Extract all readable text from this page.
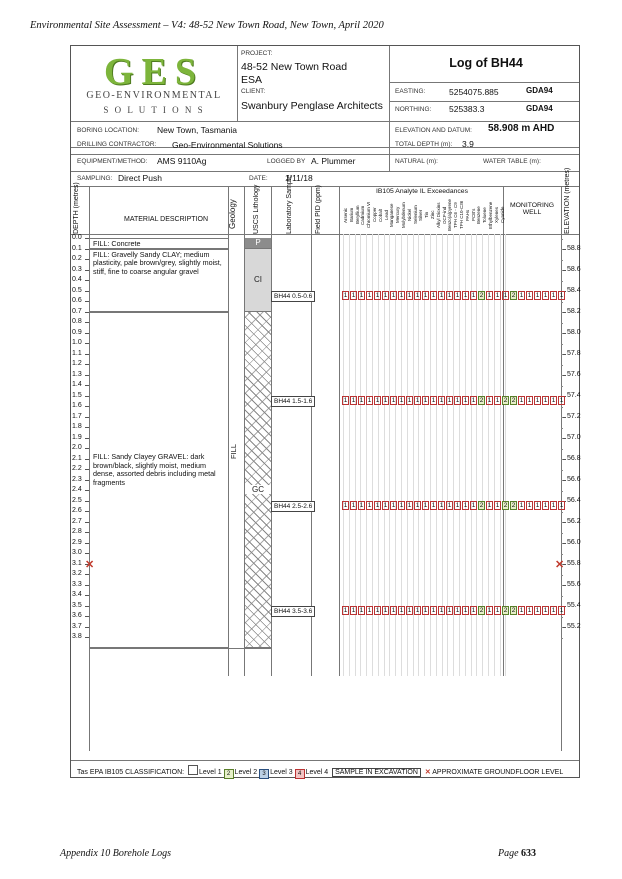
Environmental Site Assessment – V4: 48-52 New Town Road, New Town, April 2020
GES
GEO-ENVIRONMENTAL
S O L U T I O N S
PROJECT:
48-52 New Town Road
ESA
CLIENT:
Swanbury Penglase Architects
Log of BH44
EASTING:	5254075.885	GDA94
NORTHING: 525383.3	GDA94
BORING LOCATION: New Town, Tasmania	ELEVATION AND DATUM: 58.908 m AHD
DRILLING CONTRACTOR: Geo-Environmental Solutions	TOTAL DEPTH (m): 3.9
EQUIPMENT/METHOD: AMS 9110Ag	LOGGED BY A. Plummer	NATURAL (m):	WATER TABLE (m):
SAMPLING: Direct Push	DATE: 1/11/18
DEPTH (metres)	MATERIAL DESCRIPTION	Geology USCS Lithology	Laboratory Sample	Field PID (ppm)	IB105 Analyte IL Exceedances
MONITORING WELL	ELEVATION (metres)
FILL
Tas EPA IB105 CLASSIFICATION: Level 1 2 Level 2 3 Level 3 4 Level 4 SAMPLE IN EXCAVATION ✕ APPROXIMATE GROUNDFLOOR LEVEL
Arsenic Barium Beryllium Cadmium Chromium VI Copper Cobalt Lead Manganese Mercury Molybdenum Nickel Selenium Silver Tin Zinc Alkyl Dioxins OCP-ind Benzo(a)pyrene TPH C6 - C9 TPH C10-C36 PAHs PCB's Benzene Toluene Ethylbenzene Xylenes Cyanide
0.0
0.1
0.2
0.3
0.4
0.5
0.6
0.7
0.8
0.9
1.0
1.1
1.2
1.3
1.4
1.5
1.6
1.7
1.8
1.9
2.0
2.1
2.2
2.3
2.4
2.5
2.6
2.7
2.8
2.9
3.0
3.1
3.2
3.3
3.4
3.5
3.6
3.7
3.8
58.8
58.6
58.4
58.2
58.0
57.8
57.6
57.4
57.2
57.0
56.8
56.6
56.4
56.2
56.0
55.8
55.6
55.4
55.2
FILL: Concrete	P
FILL: Gravelly Sandy CLAY; medium plasticity, pale brown/grey, slightly moist, stiff, fine to coarse angular gravel
CI
FILL: Sandy Clayey GRAVEL: dark brown/black, slightly moist, medium dense, assorted debris including metal fragments
GC
BH44 0.5-0.6	1 1 1 1 1 1 1 1 1 1 1 1 1 1 1 1 1 2 1 1 1 2 1 1 1 1 1 1
BH44 1.5-1.6	1 1 1 1 1 1 1 1 1 1 1 1 1 1 1 1 1 2 1 1 2 2 1 1 1 1 1 1
BH44 2.5-2.6	1 1 1 1 1 1 1 1 1 1 1 1 1 1 1 1 1 2 1 1 2 2 1 1 1 1 1 1
BH44 3.5-3.6	1 1 1 1 1 1 1 1 1 1 1 1 1 1 1 1 1 2 1 1 2 2 1 1 1 1 1 1
✕	✕
Appendix 10 Borehole Logs	Page 633
